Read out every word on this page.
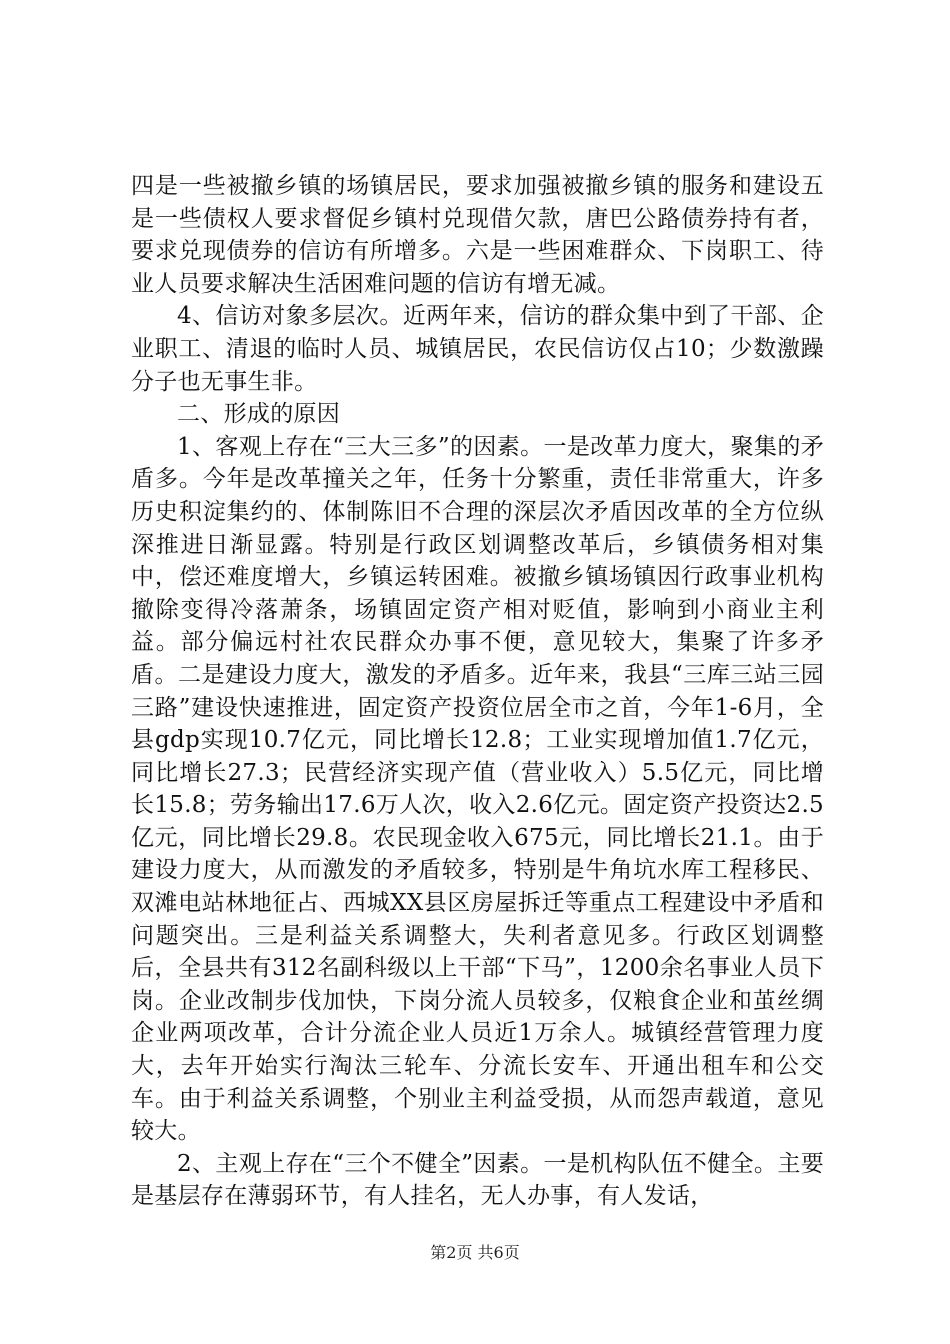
四是一些被撤乡镇的场镇居民，要求加强被撤乡镇的服务和建设五是一些债权人要求督促乡镇村兑现借欠款，唐巴公路债券持有者，要求兑现债券的信访有所增多。六是一些困难群众、下岗职工、待业人员要求解决生活困难问题的信访有增无减。

4、信访对象多层次。近两年来，信访的群众集中到了干部、企业职工、清退的临时人员、城镇居民，农民信访仅占10；少数激躁分子也无事生非。

二、形成的原因

1、客观上存在“三大三多”的因素。一是改革力度大，聚集的矛盾多。今年是改革撞关之年，任务十分繁重，责任非常重大，许多历史积淀集约的、体制陈旧不合理的深层次矛盾因改革的全方位纵深推进日渐显露。特别是行政区划调整改革后，乡镇债务相对集中，偿还难度增大，乡镇运转困难。被撤乡镇场镇因行政事业机构撤除变得冷落萧条，场镇固定资产相对贬值，影响到小商业主利益。部分偏远村社农民群众办事不便，意见较大，集聚了许多矛盾。二是建设力度大，激发的矛盾多。近年来，我县“三库三站三园三路”建设快速推进，固定资产投资位居全市之首，今年1-6月，全县gdp实现10.7亿元，同比增长12.8；工业实现增加值1.7亿元，同比增长27.3；民营经济实现产值（营业收入）5.5亿元，同比增长15.8；劳务输出17.6万人次，收入2.6亿元。固定资产投资达2.5亿元，同比增长29.8。农民现金收入675元，同比增长21.1。由于建设力度大，从而激发的矛盾较多，特别是牛角坑水库工程移民、双滩电站林地征占、西城XX县区房屋拆迁等重点工程建设中矛盾和问题突出。三是利益关系调整大，失利者意见多。行政区划调整后，全县共有312名副科级以上干部“下马”，1200余名事业人员下岗。企业改制步伐加快，下岗分流人员较多，仅粮食企业和茧丝绸企业两项改革，合计分流企业人员近1万余人。城镇经营管理力度大，去年开始实行淘汰三轮车、分流长安车、开通出租车和公交车。由于利益关系调整，个别业主利益受损，从而怨声载道，意见较大。

2、主观上存在“三个不健全”因素。一是机构队伍不健全。主要是基层存在薄弱环节，有人挂名，无人办事，有人发话，

第2页 共6页
